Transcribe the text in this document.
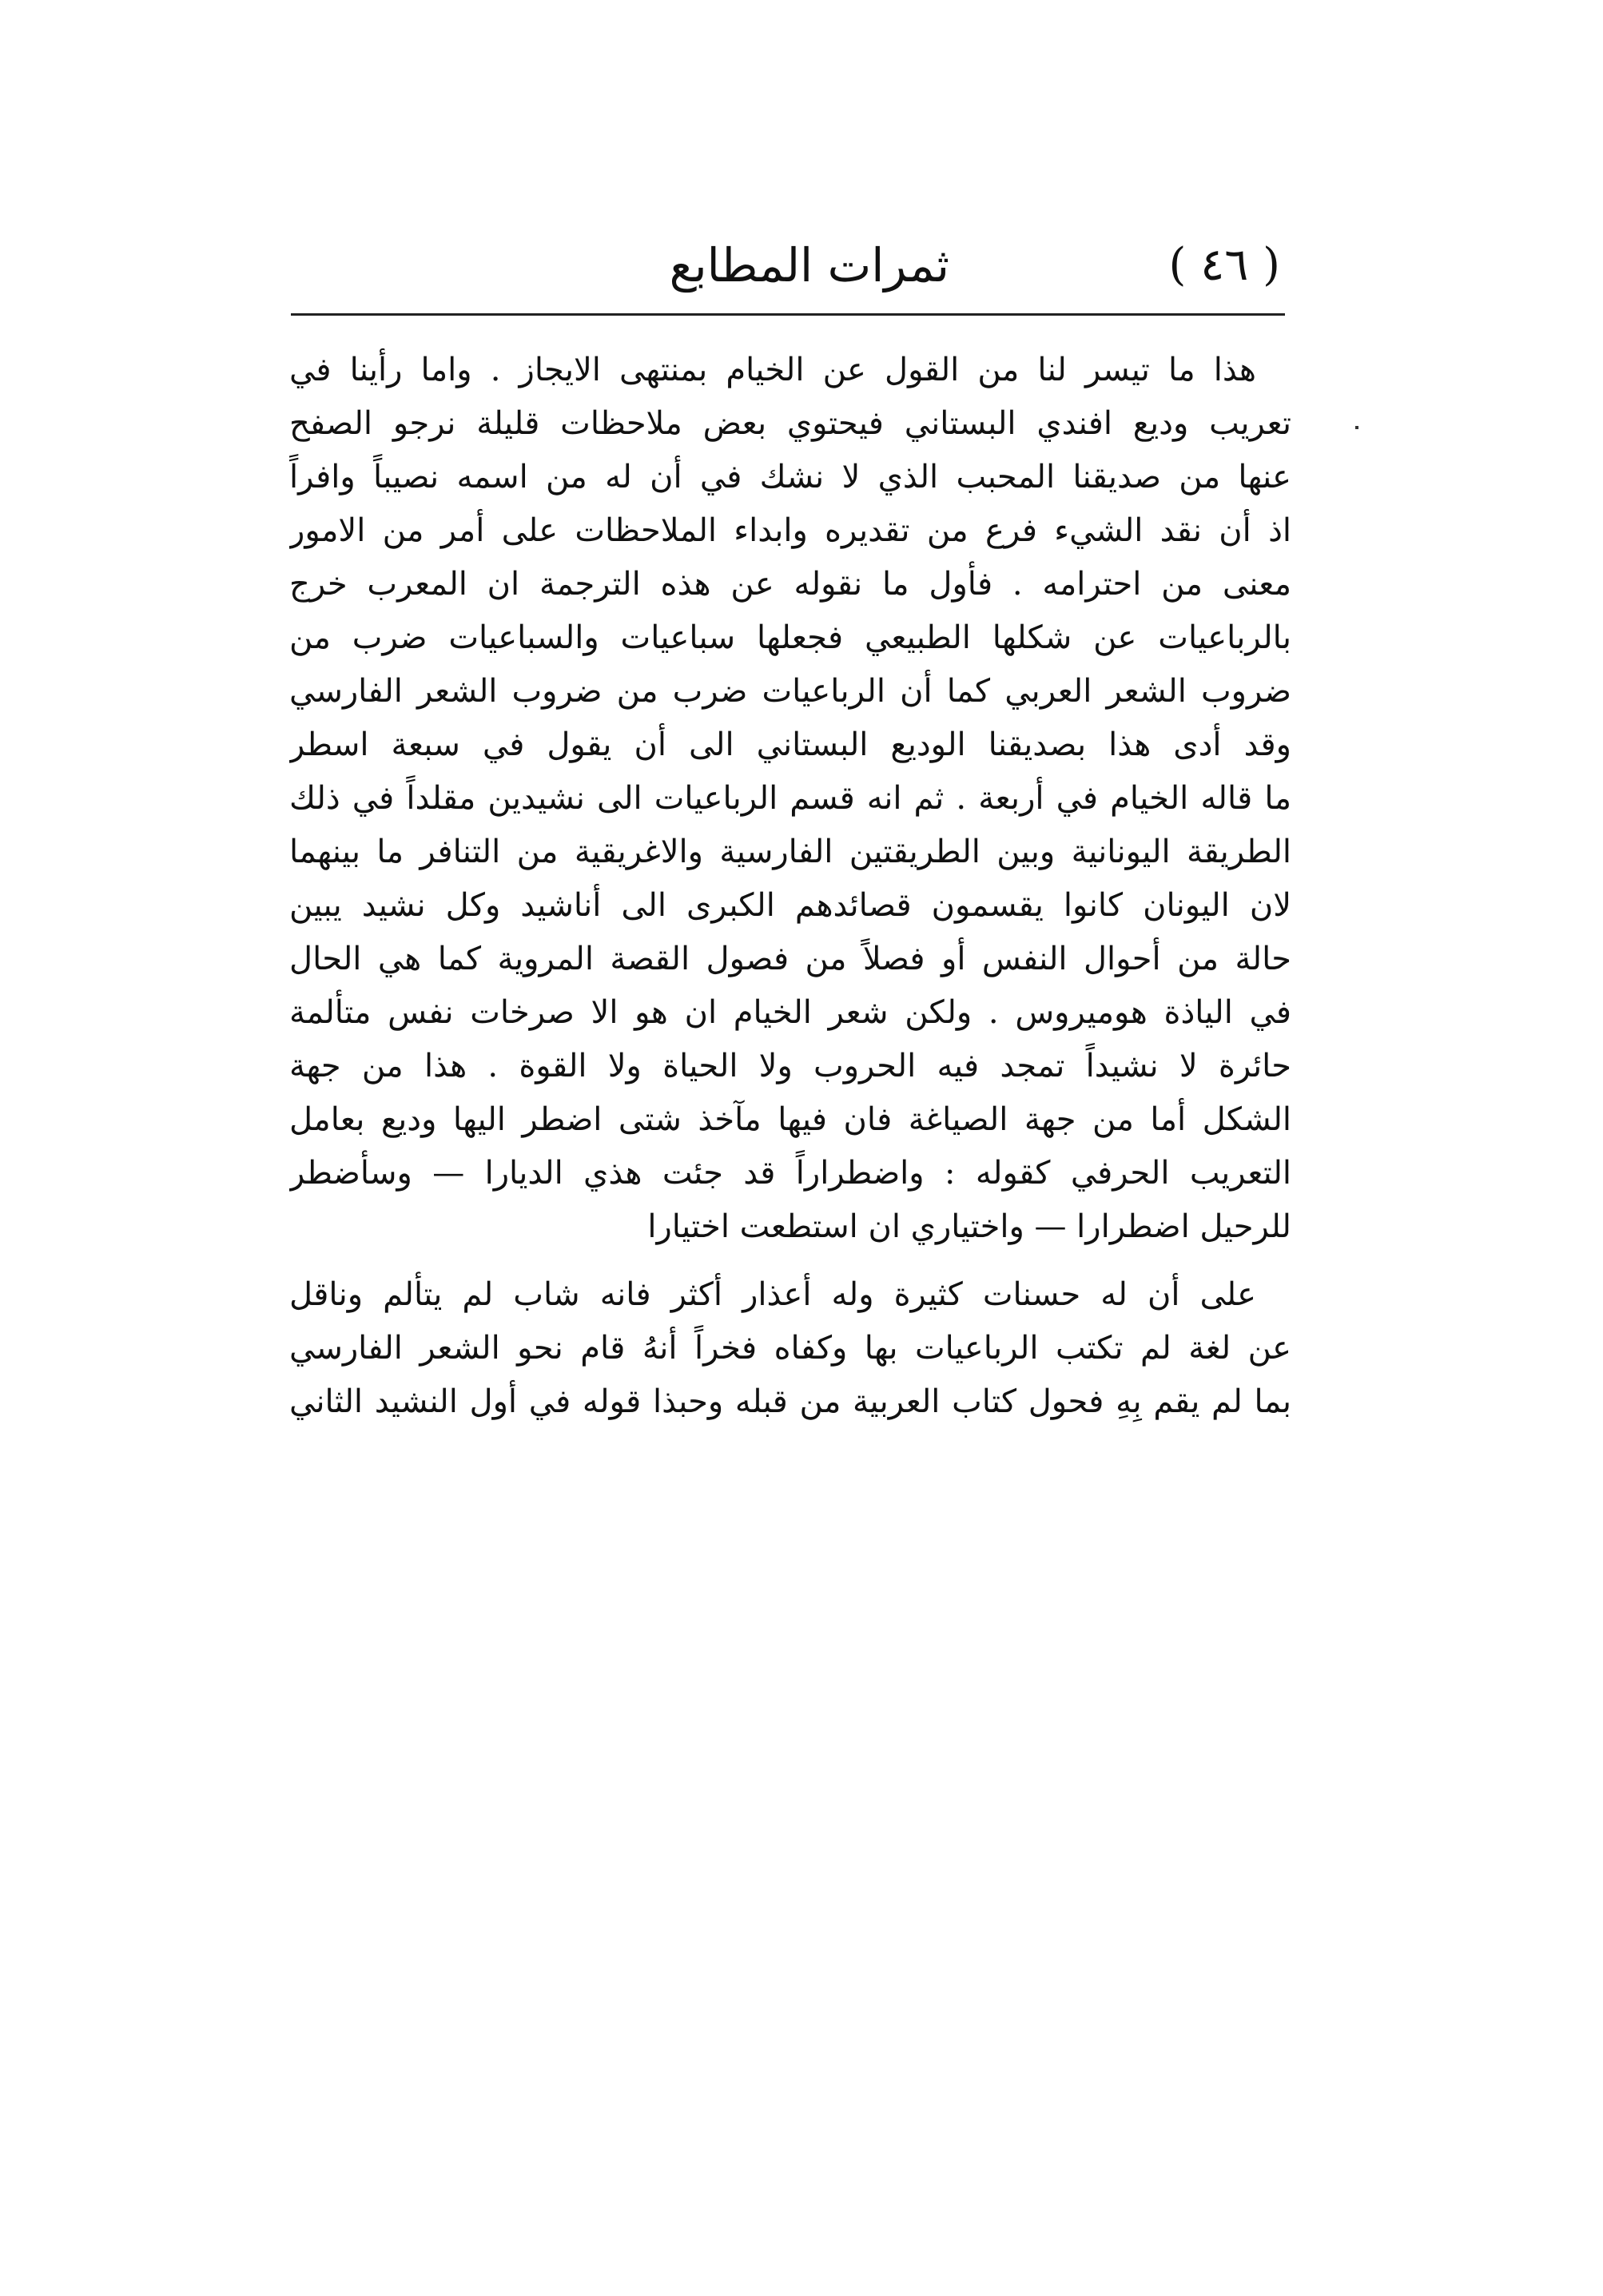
( ٤٦ )
ثمرات المطابع
هذا ما تيسر لنا من القول عن الخيام بمنتهى الايجاز . واما رأينا في
تعريب وديع افندي البستاني فيحتوي بعض ملاحظات قليلة نرجو الصفح
عنها من صديقنا المحبب الذي لا نشك في أن له من اسمه نصيباً وافراً
اذ أن نقد الشيء فرع من تقديره وابداء الملاحظات على أمر من الامور
معنى من احترامه . فأول ما نقوله عن هذه الترجمة ان المعرب خرج
بالرباعيات عن شكلها الطبيعي فجعلها سباعيات والسباعيات ضرب من
ضروب الشعر العربي كما أن الرباعيات ضرب من ضروب الشعر الفارسي
وقد أدى هذا بصديقنا الوديع البستاني الى أن يقول في سبعة اسطر
ما قاله الخيام في أربعة . ثم انه قسم الرباعيات الى نشيدين مقلداً في ذلك
الطريقة اليونانية وبين الطريقتين الفارسية والاغريقية من التنافر ما بينهما
لان اليونان كانوا يقسمون قصائدهم الكبرى الى أناشيد وكل نشيد يبين
حالة من أحوال النفس أو فصلاً من فصول القصة المروية كما هي الحال
في الياذة هوميروس . ولكن شعر الخيام ان هو الا صرخات نفس متألمة
حائرة لا نشيداً تمجد فيه الحروب ولا الحياة ولا القوة . هذا من جهة
الشكل أما من جهة الصياغة فان فيها مآخذ شتى اضطر اليها وديع بعامل
التعريب الحرفي كقوله : واضطراراً قد جئت هذي الديارا — وسأضطر
للرحيل اضطرارا — واختياري ان استطعت اختيارا
على أن له حسنات كثيرة وله أعذار أكثر فانه شاب لم يتألم وناقل
عن لغة لم تكتب الرباعيات بها وكفاه فخراً أنهُ قام نحو الشعر الفارسي
بما لم يقم بِهِ فحول كتاب العربية من قبله وحبذا قوله في أول النشيد الثاني
